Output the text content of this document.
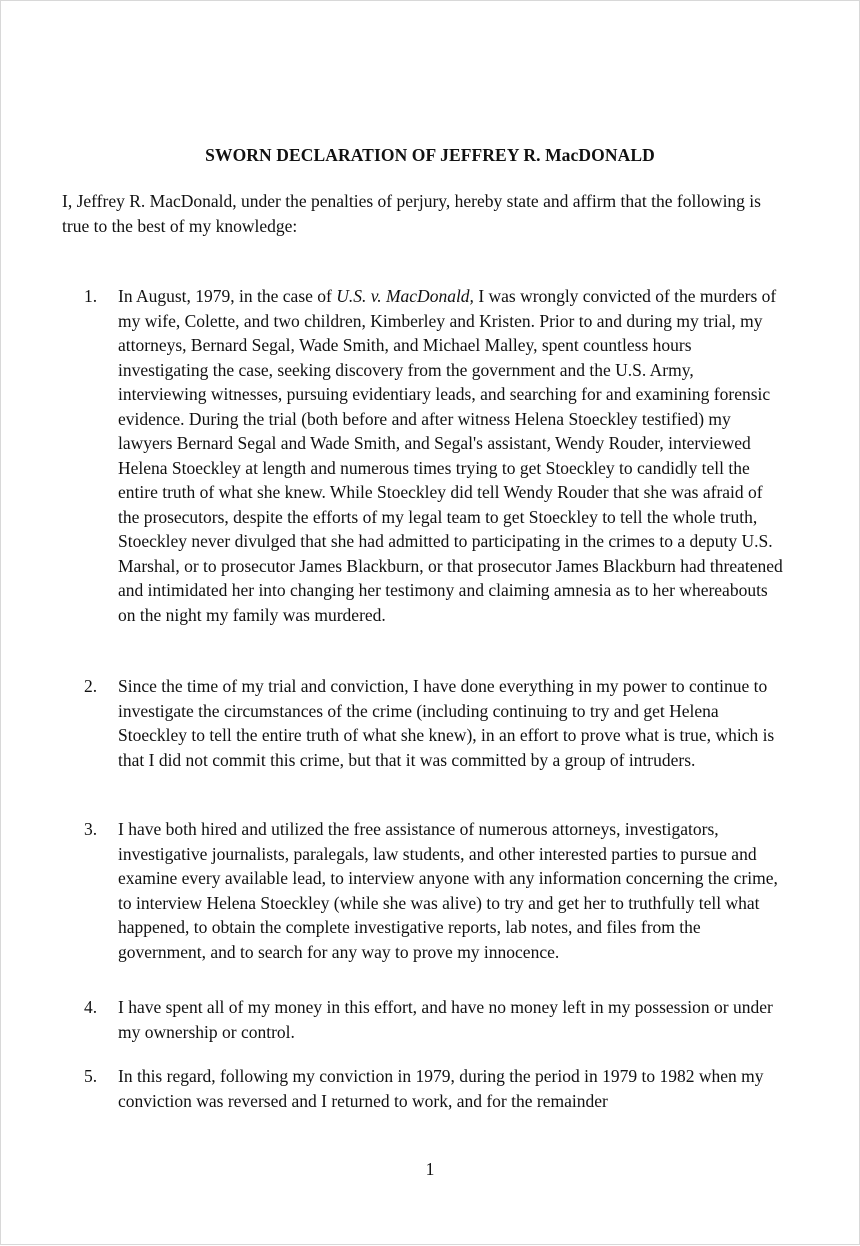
SWORN DECLARATION OF JEFFREY R. MacDONALD
I, Jeffrey R. MacDonald, under the penalties of perjury, hereby state and affirm that the following is true to the best of my knowledge:
1. In August, 1979, in the case of U.S. v. MacDonald, I was wrongly convicted of the murders of my wife, Colette, and two children, Kimberley and Kristen. Prior to and during my trial, my attorneys, Bernard Segal, Wade Smith, and Michael Malley, spent countless hours investigating the case, seeking discovery from the government and the U.S. Army, interviewing witnesses, pursuing evidentiary leads, and searching for and examining forensic evidence. During the trial (both before and after witness Helena Stoeckley testified) my lawyers Bernard Segal and Wade Smith, and Segal's assistant, Wendy Rouder, interviewed Helena Stoeckley at length and numerous times trying to get Stoeckley to candidly tell the entire truth of what she knew. While Stoeckley did tell Wendy Rouder that she was afraid of the prosecutors, despite the efforts of my legal team to get Stoeckley to tell the whole truth, Stoeckley never divulged that she had admitted to participating in the crimes to a deputy U.S. Marshal, or to prosecutor James Blackburn, or that prosecutor James Blackburn had threatened and intimidated her into changing her testimony and claiming amnesia as to her whereabouts on the night my family was murdered.
2. Since the time of my trial and conviction, I have done everything in my power to continue to investigate the circumstances of the crime (including continuing to try and get Helena Stoeckley to tell the entire truth of what she knew), in an effort to prove what is true, which is that I did not commit this crime, but that it was committed by a group of intruders.
3. I have both hired and utilized the free assistance of numerous attorneys, investigators, investigative journalists, paralegals, law students, and other interested parties to pursue and examine every available lead, to interview anyone with any information concerning the crime, to interview Helena Stoeckley (while she was alive) to try and get her to truthfully tell what happened, to obtain the complete investigative reports, lab notes, and files from the government, and to search for any way to prove my innocence.
4. I have spent all of my money in this effort, and have no money left in my possession or under my ownership or control.
5. In this regard, following my conviction in 1979, during the period in 1979 to 1982 when my conviction was reversed and I returned to work, and for the remainder
1
